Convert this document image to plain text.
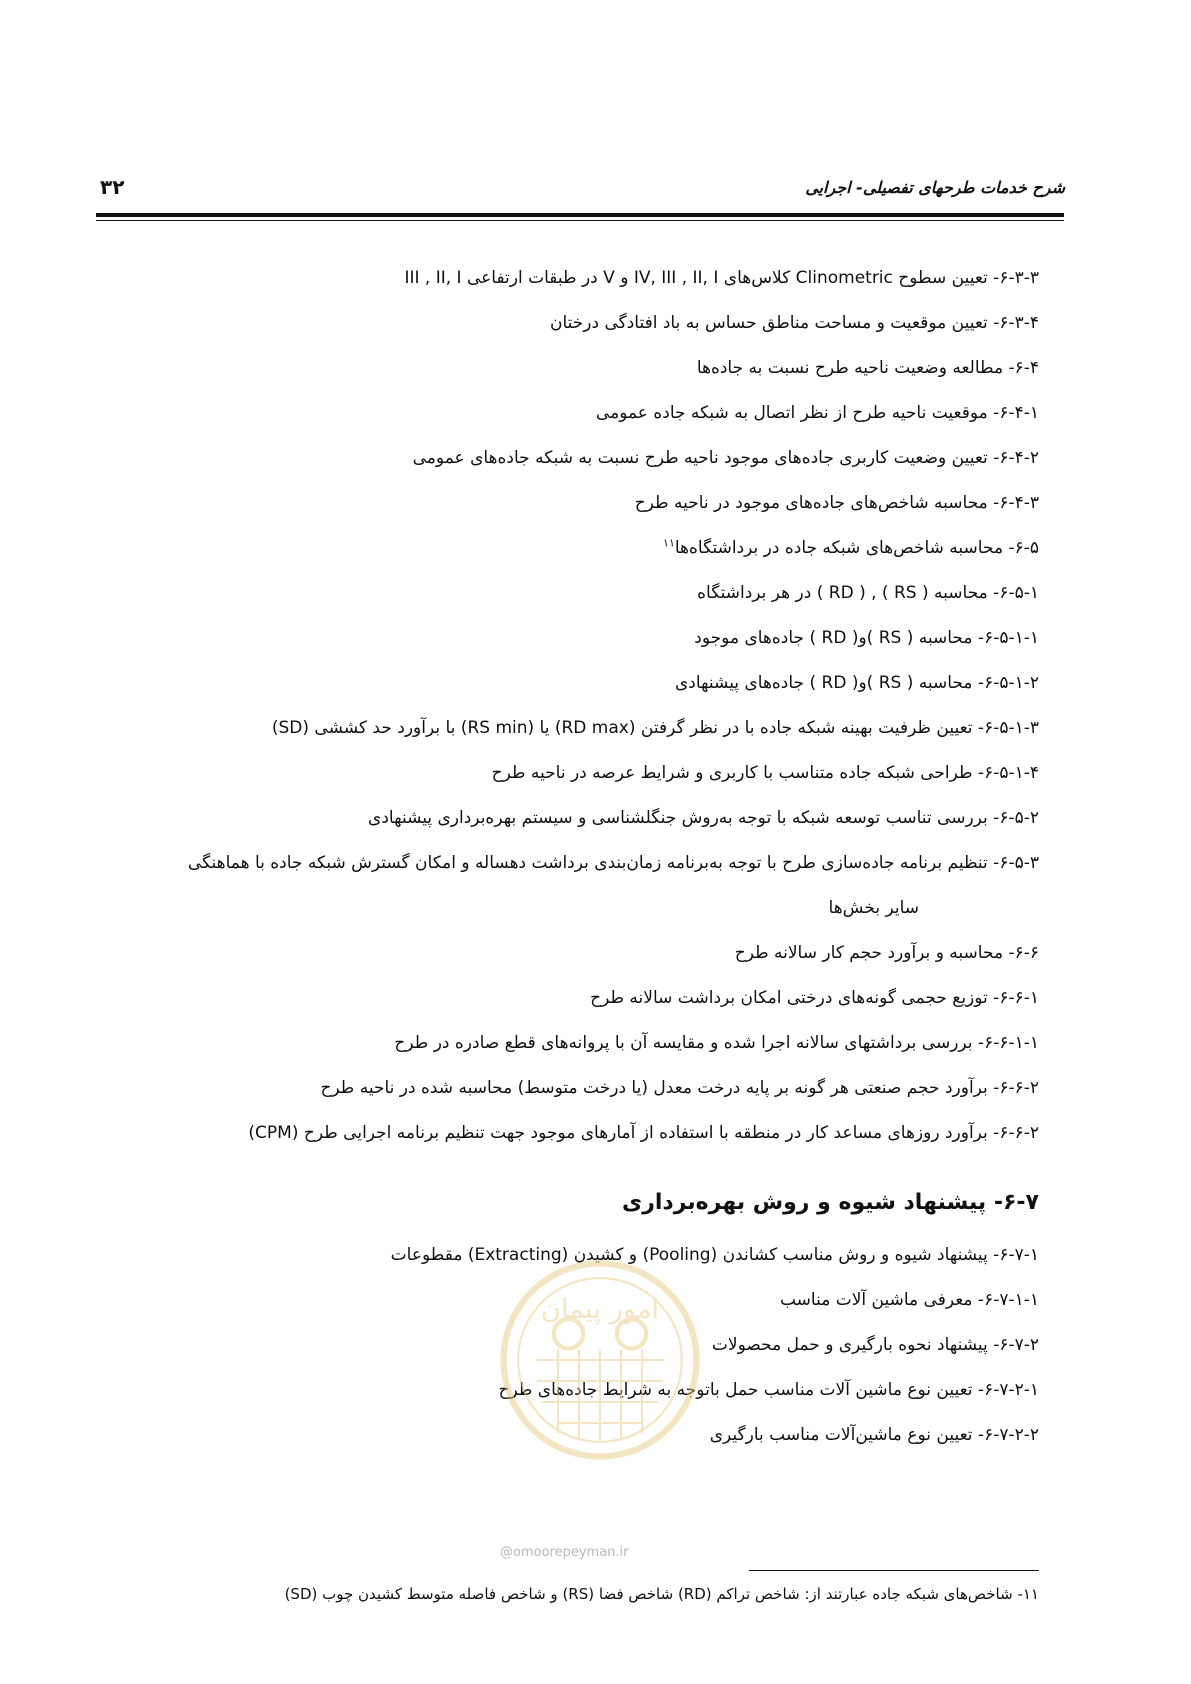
۳۲	شرح خدمات طرحهای تفصیلی- اجرایی

۶-۳-۳- تعیین سطوح Clinometric کلاس‌های IV, III , II, I و V در طبقات ارتفاعی III , II, I

۶-۳-۴- تعیین موقعیت و مساحت مناطق حساس به باد افتادگی درختان

۶-۴- مطالعه وضعیت ناحیه طرح نسبت به جاده‌ها

۶-۴-۱- موقعیت ناحیه طرح از نظر اتصال به شبکه جاده عمومی

۶-۴-۲- تعیین وضعیت کاربری جاده‌های موجود ناحیه طرح نسبت به شبکه جاده‌های عمومی

۶-۴-۳- محاسبه شاخص‌های جاده‌های موجود در ناحیه طرح

۶-۵- محاسبه شاخص‌های شبکه جاده در برداشتگاه‌ها$^{۱۱}$

۶-۵-۱- محاسبه ( RS ) , ( RD ) در هر برداشتگاه

۶-۵-۱-۱- محاسبه ( RS )و( RD ) جاده‌های موجود

۶-۵-۱-۲- محاسبه ( RS )و( RD ) جاده‌های پیشنهادی

۶-۵-۱-۳- تعیین ظرفیت بهینه شبکه جاده با در نظر گرفتن (RD max) یا (RS min) با برآورد حد کششی (SD)

۶-۵-۱-۴- طراحی شبکه جاده متناسب با کاربری و شرایط عرصه در ناحیه طرح

۶-۵-۲- بررسی تناسب توسعه شبکه با توجه به‌روش جنگلشناسی و سیستم بهره‌برداری پیشنهادی

۶-۵-۳- تنظیم برنامه جاده‌سازی طرح با توجه به‌برنامه زمان‌بندی برداشت دهساله و امکان گسترش شبکه جاده با هماهنگی

سایر بخش‌ها

۶-۶- محاسبه و برآورد حجم کار سالانه طرح

۶-۶-۱- توزیع حجمی گونه‌های درختی امکان برداشت سالانه طرح

۶-۶-۱-۱- بررسی برداشتهای سالانه اجرا شده و مقایسه آن با پروانه‌های قطع صادره در طرح

۶-۶-۲- برآورد حجم صنعتی هر گونه بر پایه درخت معدل (یا درخت متوسط) محاسبه شده در ناحیه طرح

۶-۶-۲- برآورد روزهای مساعد کار در منطقه با استفاده از آمارهای موجود جهت تنظیم برنامه اجرایی طرح (CPM)

۶-۷- پیشنهاد شیوه و روش بهره‌برداری

۶-۷-۱- پیشنهاد شیوه و روش مناسب کشاندن (Pooling) و کشیدن (Extracting) مقطوعات

۶-۷-۱-۱- معرفی ماشین آلات مناسب

۶-۷-۲- پیشنهاد نحوه بارگیری و حمل محصولات

۶-۷-۲-۱- تعیین نوع ماشین آلات مناسب حمل باتوجه به شرایط جاده‌های طرح

۶-۷-۲-۲- تعیین نوع ماشین‌آلات مناسب بارگیری

امور پیمان
@omoorepeyman.ir
۱۱- شاخص‌های شبکه جاده عبارتند از: شاخص تراکم (RD) شاخص فضا (RS) و شاخص فاصله متوسط کشیدن چوب (SD)
